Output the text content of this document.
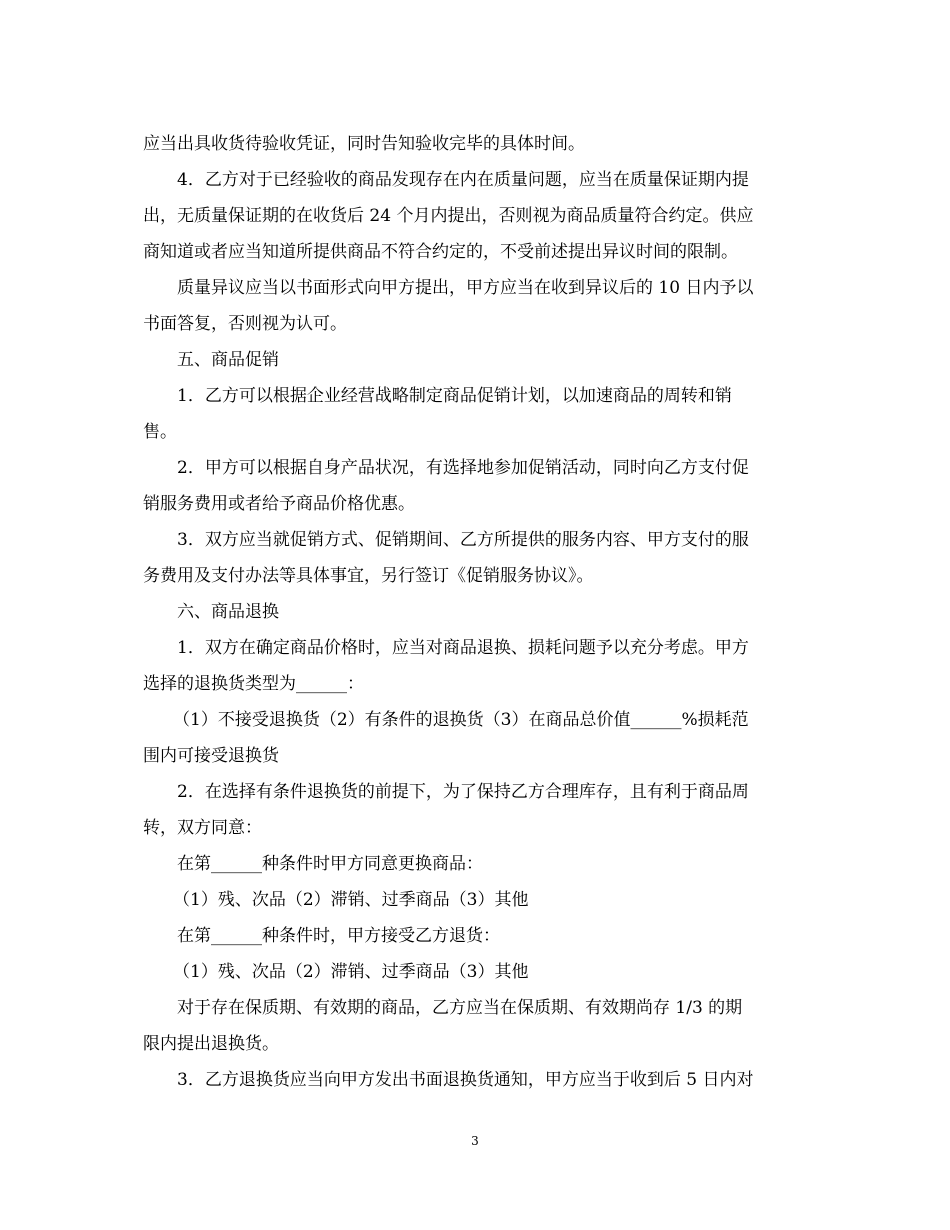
应当出具收货待验收凭证，同时告知验收完毕的具体时间。
4．乙方对于已经验收的商品发现存在内在质量问题，应当在质量保证期内提
出，无质量保证期的在收货后 24 个月内提出，否则视为商品质量符合约定。供应
商知道或者应当知道所提供商品不符合约定的，不受前述提出异议时间的限制。
质量异议应当以书面形式向甲方提出，甲方应当在收到异议后的 10 日内予以
书面答复，否则视为认可。
五、商品促销
1．乙方可以根据企业经营战略制定商品促销计划，以加速商品的周转和销
售。
2．甲方可以根据自身产品状况，有选择地参加促销活动，同时向乙方支付促
销服务费用或者给予商品价格优惠。
3．双方应当就促销方式、促销期间、乙方所提供的服务内容、甲方支付的服
务费用及支付办法等具体事宜，另行签订《促销服务协议》。
六、商品退换
1．双方在确定商品价格时，应当对商品退换、损耗问题予以充分考虑。甲方
选择的退换货类型为______：
（1）不接受退换货（2）有条件的退换货（3）在商品总价值______%损耗范
围内可接受退换货
2．在选择有条件退换货的前提下，为了保持乙方合理库存，且有利于商品周
转，双方同意：
在第______种条件时甲方同意更换商品：
（1）残、次品（2）滞销、过季商品（3）其他
在第______种条件时，甲方接受乙方退货：
（1）残、次品（2）滞销、过季商品（3）其他
对于存在保质期、有效期的商品，乙方应当在保质期、有效期尚存 1/3 的期
限内提出退换货。
3．乙方退换货应当向甲方发出书面退换货通知，甲方应当于收到后 5 日内对
3
